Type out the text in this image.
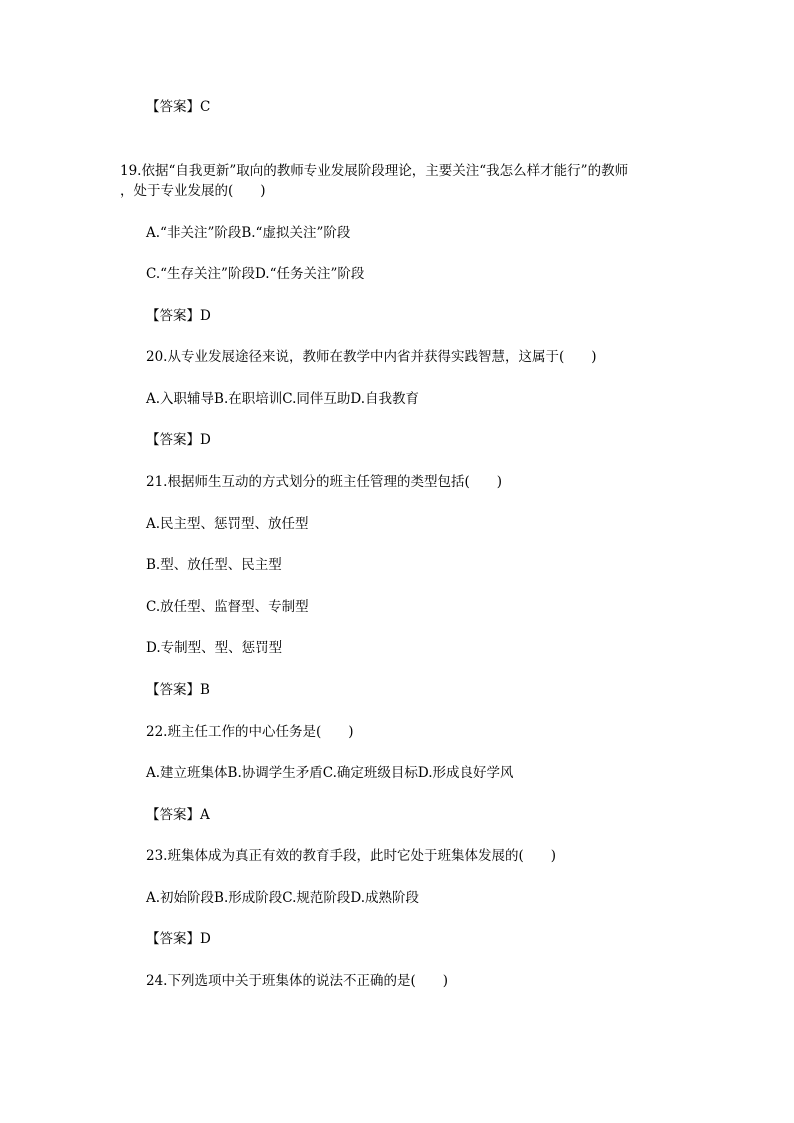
【答案】C
19.依据“自我更新”取向的教师专业发展阶段理论，主要关注“我怎么样才能行”的教师
，处于专业发展的(　　)
A.“非关注”阶段B.“虚拟关注”阶段
C.“生存关注”阶段D.“任务关注”阶段
【答案】D
20.从专业发展途径来说，教师在教学中内省并获得实践智慧，这属于(　　)
A.入职辅导B.在职培训C.同伴互助D.自我教育
【答案】D
21.根据师生互动的方式划分的班主任管理的类型包括(　　)
A.民主型、惩罚型、放任型
B.型、放任型、民主型
C.放任型、监督型、专制型
D.专制型、型、惩罚型
【答案】B
22.班主任工作的中心任务是(　　)
A.建立班集体B.协调学生矛盾C.确定班级目标D.形成良好学风
【答案】A
23.班集体成为真正有效的教育手段，此时它处于班集体发展的(　　)
A.初始阶段B.形成阶段C.规范阶段D.成熟阶段
【答案】D
24.下列选项中关于班集体的说法不正确的是(　　)
